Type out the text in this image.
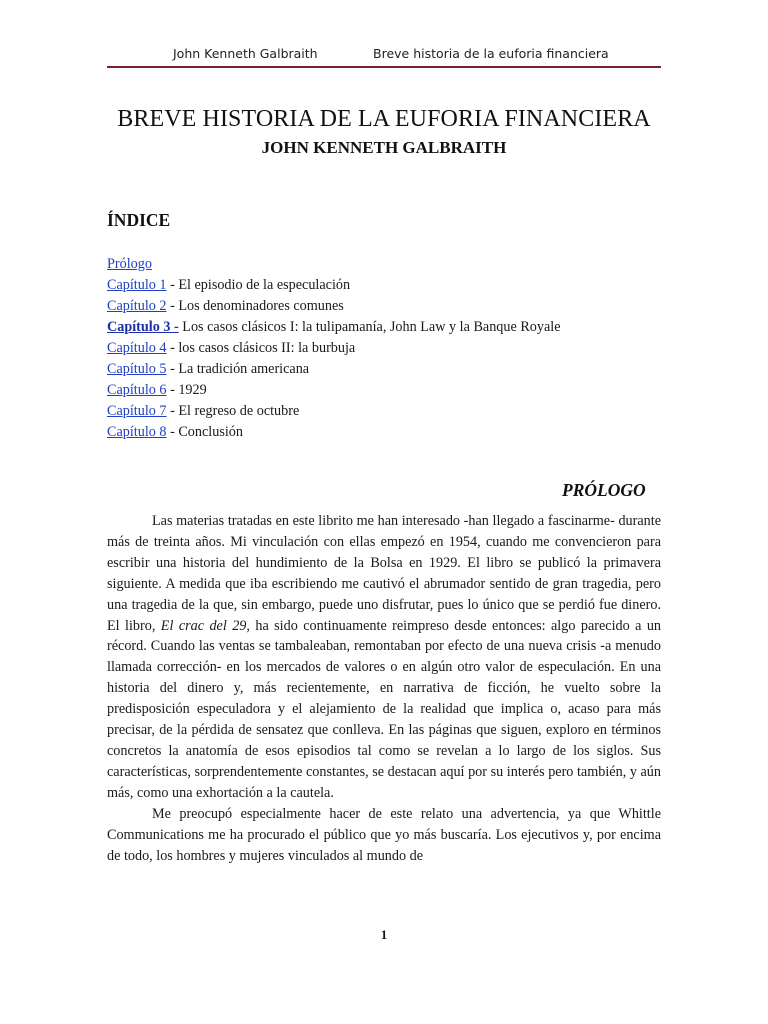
John Kenneth Galbraith	Breve historia de la euforia financiera
BREVE HISTORIA DE LA EUFORIA FINANCIERA
JOHN KENNETH GALBRAITH
ÍNDICE
Prólogo
Capítulo 1 - El episodio de la especulación
Capítulo 2 - Los denominadores comunes
Capítulo 3 - Los casos clásicos I: la tulipamanía, John Law y la Banque Royale
Capítulo 4 - los casos clásicos II: la burbuja
Capítulo 5 - La tradición americana
Capítulo 6 - 1929
Capítulo 7 - El regreso de octubre
Capítulo 8 - Conclusión
PRÓLOGO

Las materias tratadas en este librito me han interesado -han llegado a fascinarme- durante más de treinta años. Mi vinculación con ellas empezó en 1954, cuando me convencieron para escribir una historia del hundimiento de la Bolsa en 1929. El libro se publicó la primavera siguiente. A medida que iba escribiendo me cautivó el abrumador sentido de gran tragedia, pero una tragedia de la que, sin embargo, puede uno disfrutar, pues lo único que se perdió fue dinero. El libro, El crac del 29, ha sido continuamente reimpreso desde entonces: algo parecido a un récord. Cuando las ventas se tambaleaban, remontaban por efecto de una nueva crisis -a menudo llamada corrección- en los mercados de valores o en algún otro valor de especulación. En una historia del dinero y, más recientemente, en narrativa de ficción, he vuelto sobre la predisposición especuladora y el alejamiento de la realidad que implica o, acaso para más precisar, de la pérdida de sensatez que conlleva. En las páginas que siguen, exploro en términos concretos la anatomía de esos episodios tal como se revelan a lo largo de los siglos. Sus características, sorprendentemente constantes, se destacan aquí por su interés pero también, y aún más, como una exhortación a la cautela.

Me preocupó especialmente hacer de este relato una advertencia, ya que Whittle Communications me ha procurado el público que yo más buscaría. Los ejecutivos y, por encima de todo, los hombres y mujeres vinculados al mundo de

1
